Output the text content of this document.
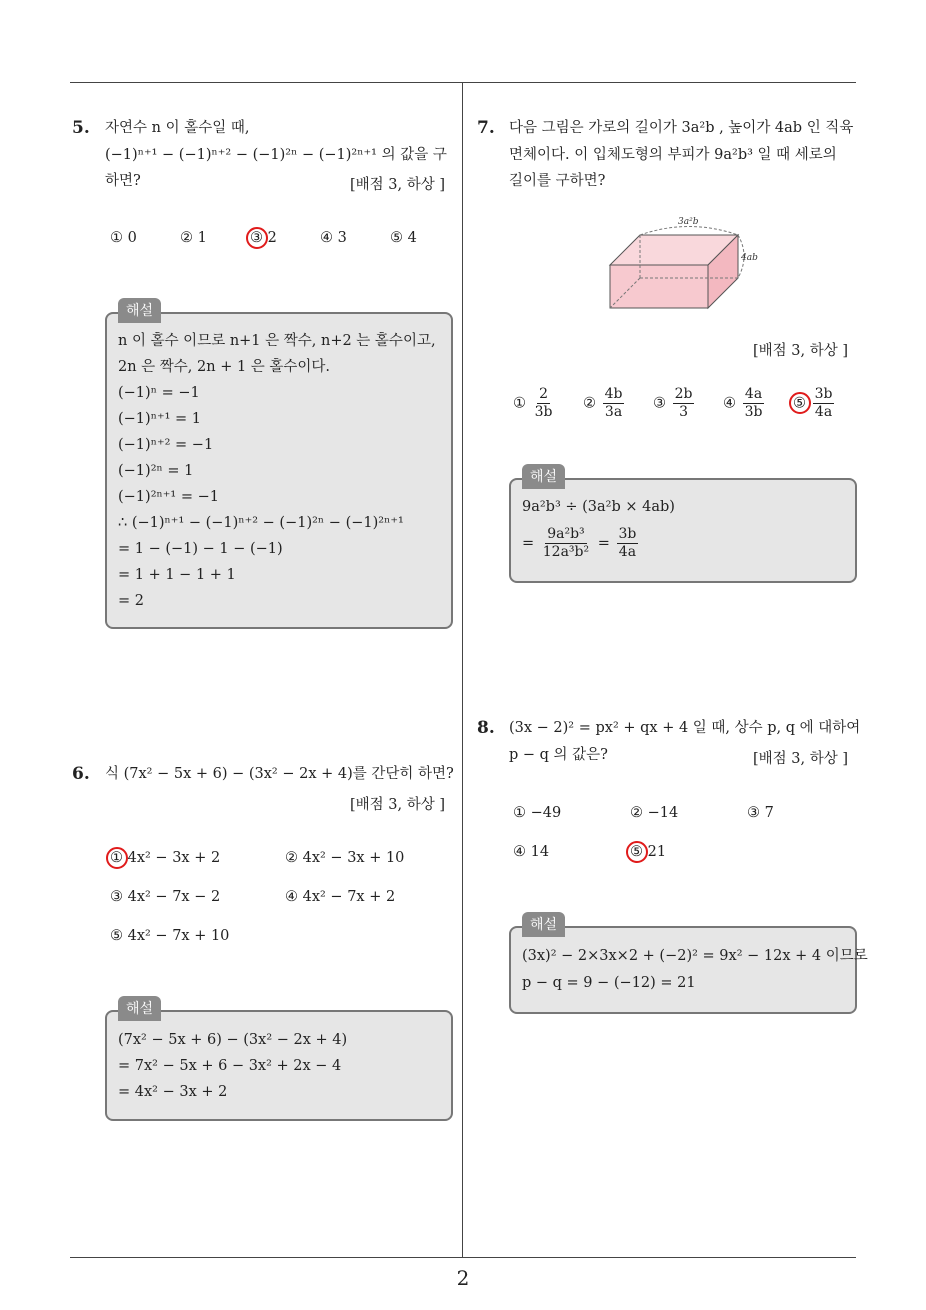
5. 자연수 n 이 홀수일 때,
(−1)ⁿ⁺¹ − (−1)ⁿ⁺² − (−1)²ⁿ − (−1)²ⁿ⁺¹ 의 값을 구
하면?	[배점 3, 하상 ]
① 0	② 1	③ 2	④ 3	⑤ 4
해설
n 이 홀수 이므로 n+1 은 짝수, n+2 는 홀수이고,
2n 은 짝수, 2n + 1 은 홀수이다.
(−1)ⁿ = −1
(−1)ⁿ⁺¹ = 1
(−1)ⁿ⁺² = −1
(−1)²ⁿ = 1
(−1)²ⁿ⁺¹ = −1
∴ (−1)ⁿ⁺¹ − (−1)ⁿ⁺² − (−1)²ⁿ − (−1)²ⁿ⁺¹
= 1 − (−1) − 1 − (−1)
= 1 + 1 − 1 + 1
= 2
6. 식 (7x² − 5x + 6) − (3x² − 2x + 4)를 간단히 하면?
[배점 3, 하상 ]
① 4x² − 3x + 2	② 4x² − 3x + 10
③ 4x² − 7x − 2	④ 4x² − 7x + 2
⑤ 4x² − 7x + 10
해설
(7x² − 5x + 6) − (3x² − 2x + 4)
= 7x² − 5x + 6 − 3x² + 2x − 4
= 4x² − 3x + 2
7. 다음 그림은 가로의 길이가 3a²b , 높이가 4ab 인 직육
면체이다. 이 입체도형의 부피가 9a²b³ 일 때 세로의
길이를 구하면?
3a²b
4ab
[배점 3, 하상 ]
① $\frac{2}{3b}$ ② $\frac{4b}{3a}$ ③ $\frac{2b}{3}$ ④ $\frac{4a}{3b}$ ⑤ $\frac{3b}{4a}$
해설
9a²b³ ÷ (3a²b × 4ab)
= $\frac{\text{9a²b³}}{\text{12a³b²}} = \frac{3b}{4a}$
8. (3x − 2)² = px² + qx + 4 일 때, 상수 p, q 에 대하여
p − q 의 값은?	[배점 3, 하상 ]
① −49	② −14	③ 7
④ 14	⑤ 21
해설
(3x)² − 2×3x×2 + (−2)² = 9x² − 12x + 4 이므로
p − q = 9 − (−12) = 21
2
